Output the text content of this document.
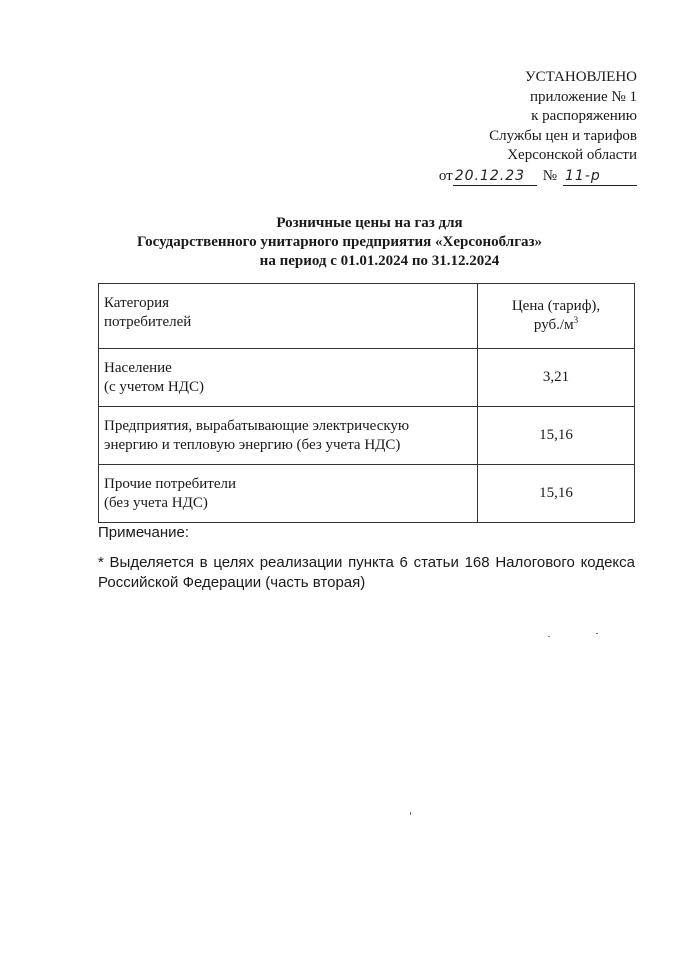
УСТАНОВЛЕНО
приложение № 1
к распоряжению
Службы цен и тарифов
Херсонской области
от 20.12.23 № 11-р
Розничные цены на газ для
Государственного унитарного предприятия «Херсоноблгаз»
на период с 01.01.2024 по 31.12.2024
Категория
потребителей	Цена (тариф),
$руб./м^3$
Население
(с учетом НДС)	3,21
Предприятия, вырабатывающие электрическую
энергию и тепловую энергию (без учета НДС)	15,16
Прочие потребители
(без учета НДС)	15,16
Примечание:
* Выделяется в целях реализации пункта 6 статьи 168 Налогового кодекса Российской Федерации (часть вторая)
